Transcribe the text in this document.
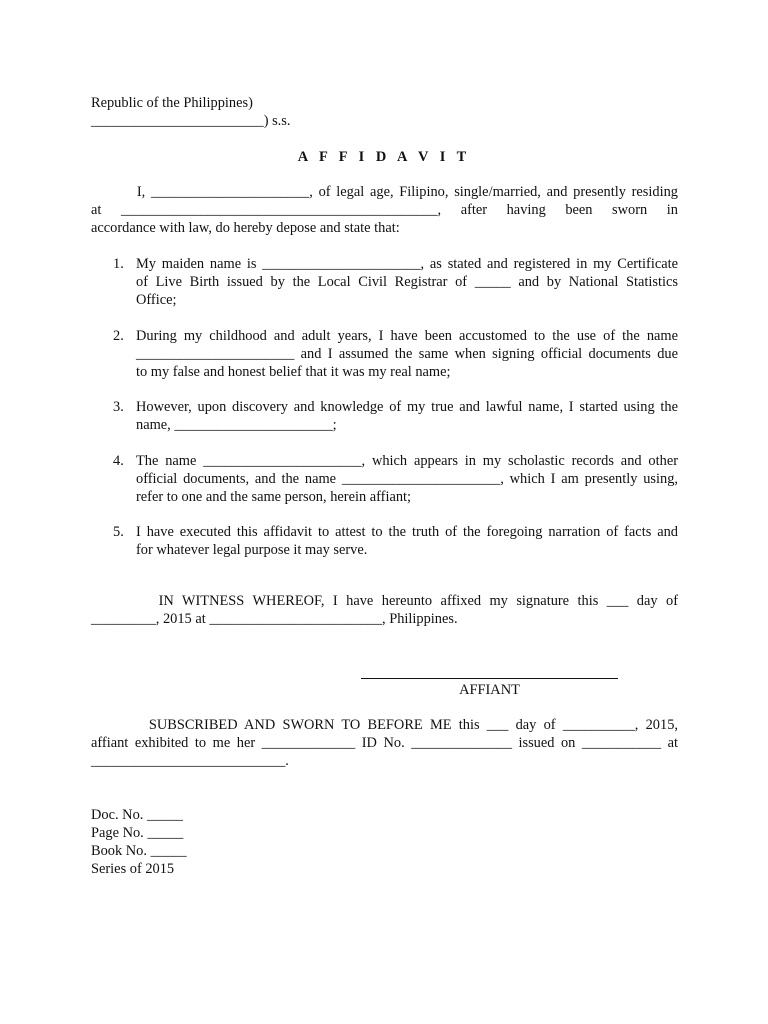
Republic of the Philippines)
________________________) s.s.
A F F I D A V I T
I, ______________________, of legal age, Filipino, single/married, and presently residing
at ____________________________________________, after having been sworn in
accordance with law, do hereby depose and state that:
1. My maiden name is ______________________, as stated and registered in my Certificate
of Live Birth issued by the Local Civil Registrar of _____ and by National Statistics
Office;
2. During my childhood and adult years, I have been accustomed to the use of the name
______________________ and I assumed the same when signing official documents due
to my false and honest belief that it was my real name;
3. However, upon discovery and knowledge of my true and lawful name, I started using the
name, ______________________;
4. The name ______________________, which appears in my scholastic records and other
official documents, and the name ______________________, which I am presently using,
refer to one and the same person, herein affiant;
5. I have executed this affidavit to attest to the truth of the foregoing narration of facts and
for whatever legal purpose it may serve.
IN WITNESS WHEREOF, I have hereunto affixed my signature this ___ day of
_________, 2015 at ________________________, Philippines.
AFFIANT
SUBSCRIBED AND SWORN TO BEFORE ME this ___ day of __________, 2015,
affiant exhibited to me her _____________ ID No. ______________ issued on ___________ at
___________________________.
Doc. No. _____
Page No. _____
Book No. _____
Series of 2015
